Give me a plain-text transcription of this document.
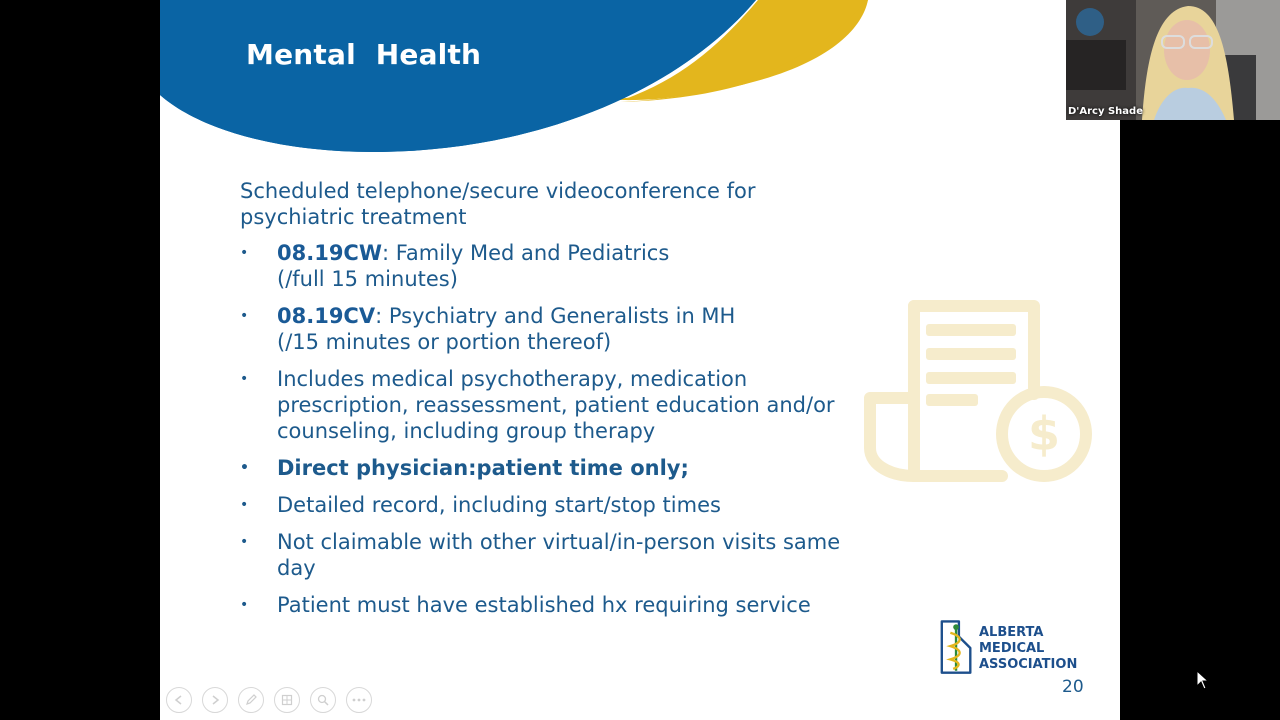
Mental  Health

Scheduled telephone/secure videoconference for psychiatric treatment

• 08.19CW: Family Med and Pediatrics
(/full 15 minutes)
• 08.19CV: Psychiatry and Generalists in MH
(/15 minutes or portion thereof)
• Includes medical psychotherapy, medication prescription, reassessment, patient education and/or counseling, including group therapy
• Direct physician:patient time only;
• Detailed record, including start/stop times
• Not claimable with other virtual/in-person visits same day
• Patient must have established hx requiring service
$

ALBERTA
MEDICAL
ASSOCIATION

20

D'Arcy Shade
